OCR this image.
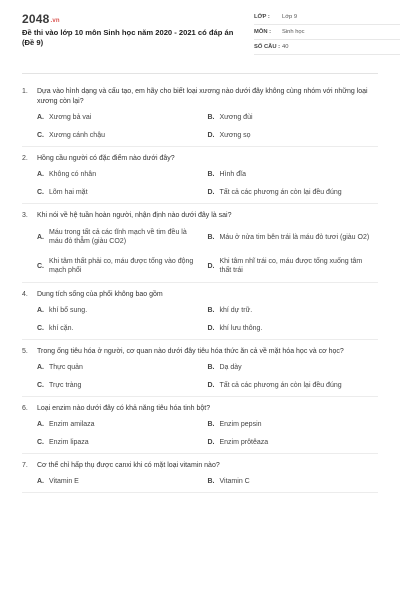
2048.vn
Đề thi vào lớp 10 môn Sinh học năm 2020 - 2021 có đáp án (Đề 9)
LỚP :	Lớp 9
MÔN :	Sinh học
SỐ CÂU : 40
1.	Dựa vào hình dạng và cấu tạo, em hãy cho biết loại xương nào dưới đây không cùng nhóm với những loại xương còn lại?
A. Xương bả vai	B. Xương đùi
C. Xương cánh chậu	D. Xương sọ
2.	Hồng cầu người có đặc điểm nào dưới đây?
A. Không có nhân	B. Hình đĩa
C. Lõm hai mặt	D. Tất cả các phương án còn lại đều đúng
3.	Khi nói về hệ tuần hoàn người, nhận định nào dưới đây là sai?
A.
Máu trong tất cả các tĩnh mạch về tim đều là máu đỏ thẫm (giàu CO2)
B. Máu ở nửa tim bên trái là máu đỏ tươi (giàu O2)
C.
Khi tâm thất phải co, máu được tống vào động mạch phổi
D.
Khi tâm nhĩ trái co, máu được tống xuống tâm thất trái
4.	Dung tích sống của phổi không bao gồm
A. khí bổ sung.	B. khí dự trữ.
C. khí cặn.	D. khí lưu thông.
5.	Trong ống tiêu hóa ở người, cơ quan nào dưới đây tiêu hóa thức ăn cả về mặt hóa học và cơ học?
A. Thực quản	B. Dạ dày
C. Trực tràng	D. Tất cả các phương án còn lại đều đúng
6.	Loại enzim nào dưới đây có khả năng tiêu hóa tinh bột?
A. Enzim amilaza	B. Enzim pepsin
C. Enzim lipaza	D. Enzim prôtêaza
7.	Cơ thể chỉ hấp thụ được canxi khi có mặt loại vitamin nào?
A. Vitamin E	B. Vitamin C
